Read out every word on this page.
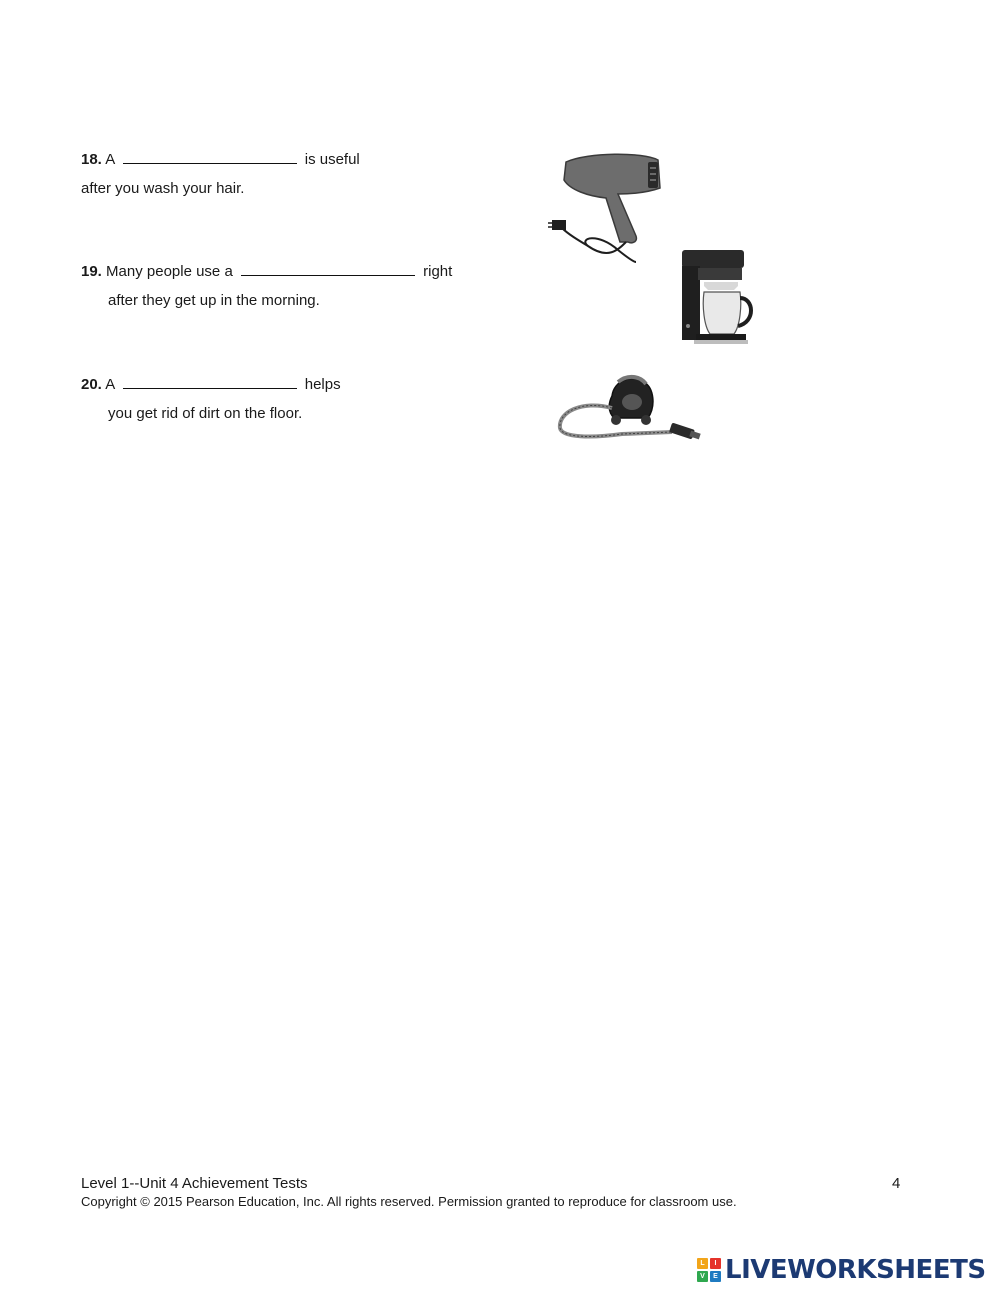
18. A	is useful
after you wash your hair.
19. Many people use a	right
after they get up in the morning.
20. A	helps
you get rid of dirt on the floor.
Level 1--Unit 4 Achievement Tests	4
Copyright © 2015 Pearson Education, Inc. All rights reserved. Permission granted to reproduce for classroom use.
L	I
V	E LIVEWORKSHEETS
